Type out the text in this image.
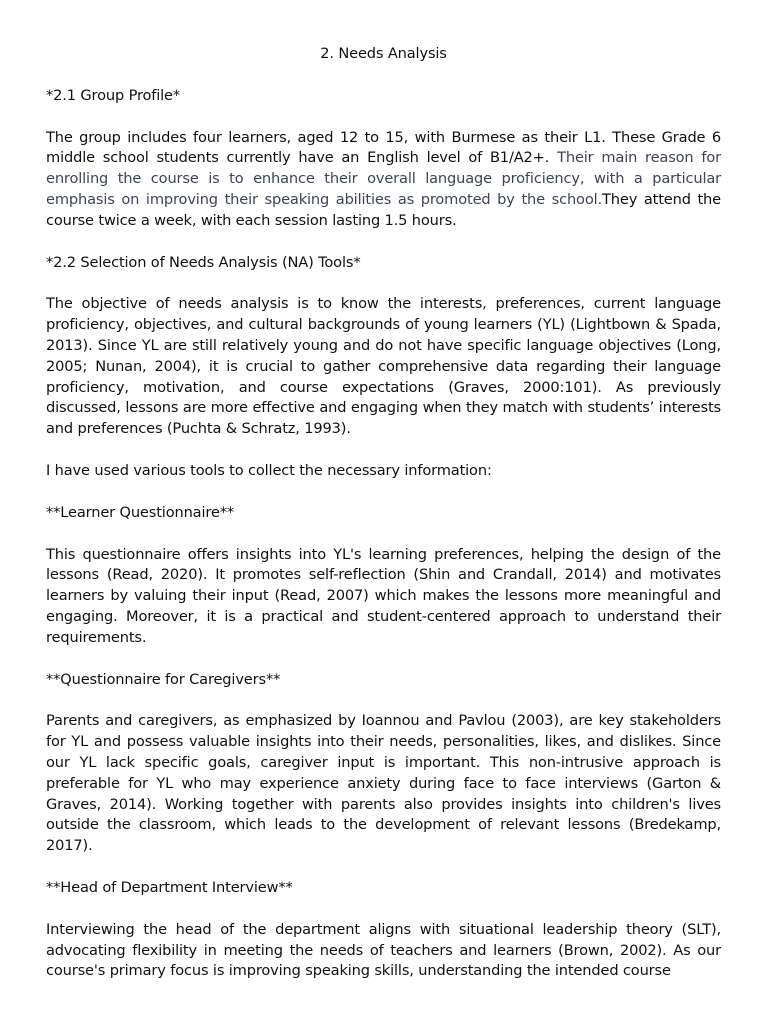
2. Needs Analysis
*2.1 Group Profile*

The group includes four learners, aged 12 to 15, with Burmese as their L1. These Grade 6 middle school students currently have an English level of B1/A2+. Their main reason for enrolling the course is to enhance their overall language proficiency, with a particular emphasis on improving their speaking abilities as promoted by the school.They attend the course twice a week, with each session lasting 1.5 hours.

*2.2 Selection of Needs Analysis (NA) Tools*

The objective of needs analysis is to know the interests, preferences, current language proficiency, objectives, and cultural backgrounds of young learners (YL) (Lightbown & Spada, 2013). Since YL are still relatively young and do not have specific language objectives (Long, 2005; Nunan, 2004), it is crucial to gather comprehensive data regarding their language proficiency, motivation, and course expectations (Graves, 2000:101). As previously discussed, lessons are more effective and engaging when they match with students’ interests and preferences (Puchta & Schratz, 1993).

I have used various tools to collect the necessary information:

**Learner Questionnaire**

This questionnaire offers insights into YL's learning preferences, helping the design of the lessons (Read, 2020). It promotes self-reflection (Shin and Crandall, 2014) and motivates learners by valuing their input (Read, 2007) which makes the lessons more meaningful and engaging. Moreover, it is a practical and student-centered approach to understand their requirements.

**Questionnaire for Caregivers**

Parents and caregivers, as emphasized by Ioannou and Pavlou (2003), are key stakeholders for YL and possess valuable insights into their needs, personalities, likes, and dislikes. Since our YL lack specific goals, caregiver input is important. This non-intrusive approach is preferable for YL who may experience anxiety during face to face interviews (Garton & Graves, 2014). Working together with parents also provides insights into children's lives outside the classroom, which leads to the development of relevant lessons (Bredekamp, 2017).

**Head of Department Interview**

Interviewing the head of the department aligns with situational leadership theory (SLT), advocating flexibility in meeting the needs of teachers and learners (Brown, 2002). As our course's primary focus is improving speaking skills, understanding the intended course
